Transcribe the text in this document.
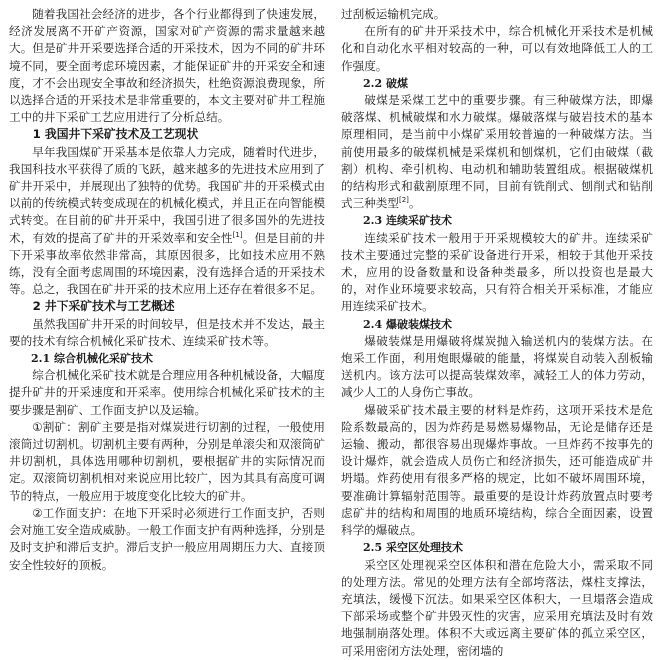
随着我国社会经济的进步，各个行业都得到了快速发展，经济发展离不开矿产资源，国家对矿产资源的需求量越来越大。但是矿井开采要选择合适的开采技术，因为不同的矿井环境不同，要全面考虑环境因素，才能保证矿井的开采安全和速度，才不会出现安全事故和经济损失，杜绝资源浪费现象，所以选择合适的开采技术是非常重要的，本文主要对矿井工程施工中的井下采矿工艺应用进行了分析总结。

1 我国井下采矿技术及工艺现状

早年我国煤矿开采基本是依靠人力完成，随着时代进步，我国科技水平获得了质的飞跃，越来越多的先进技术应用到了矿井开采中，并展现出了独特的优势。我国矿井的开采模式由以前的传统模式转变成现在的机械化模式，并且正在向智能模式转变。在目前的矿井开采中，我国引进了很多国外的先进技术，有效的提高了矿井的开采效率和安全性[1]。但是目前的井下开采事故率依然非常高，其原因很多，比如技术应用不熟练，没有全面考虑周围的环境因素，没有选择合适的开采技术等。总之，我国在矿井开采的技术应用上还存在着很多不足。

2 井下采矿技术与工艺概述

虽然我国矿井开采的时间较早，但是技术并不发达，最主要的技术有综合机械化采矿技术、连续采矿技术等。

2.1 综合机械化采矿技术

综合机械化采矿技术就是合理应用各种机械设备，大幅度提升矿井的开采速度和开采率。使用综合机械化采矿技术的主要步骤是割矿、工作面支护以及运输。

①割矿：割矿主要是指对煤炭进行切割的过程，一般使用滚筒过切割机。切割机主要有两种，分别是单滚尖和双滚筒矿井切割机，具体选用哪种切割机，要根据矿井的实际情况而定。双滚筒切割机相对来说应用比较广，因为其具有高度可调节的特点，一般应用于坡度变化比较大的矿井。

②工作面支护：在地下开采时必须进行工作面支护，否则会对施工安全造成威胁。一般工作面支护有两种选择，分别是及时支护和滞后支护。滞后支护一般应用周期压力大、直接顶安全性较好的顶板。

过刮板运输机完成。

在所有的矿井开采技术中，综合机械化开采技术是机械化和自动化水平相对较高的一种，可以有效地降低工人的工作强度。

2.2 破煤

破煤是采煤工艺中的重要步骤。有三种破煤方法，即爆破落煤、机械破煤和水力破煤。爆破落煤与破岩技术的基本原理相同，是当前中小煤矿采用较普遍的一种破煤方法。当前使用最多的破煤机械是采煤机和刨煤机，它们由破煤（截割）机构、牵引机构、电动机和辅助装置组成。根据破煤机的结构形式和截割原理不同，目前有铣削式、刨削式和钻削式三种类型[2]。

2.3 连续采矿技术

连续采矿技术一般用于开采规模较大的矿井。连续采矿技术主要通过完整的采矿设备进行开采，相较于其他开采技术，应用的设备数量和设备种类最多，所以投资也是最大的，对作业环境要求较高，只有符合相关开采标准，才能应用连续采矿技术。

2.4 爆破装煤技术

爆破装煤是用爆破将煤炭抛入输送机内的装煤方法。在炮采工作面，利用炮眼爆破的能量，将煤炭自动装入刮板输送机内。该方法可以提高装煤效率，减轻工人的体力劳动，减少人工的人身伤亡事故。

爆破采矿技术最主要的材料是炸药，这项开采技术是危险系数最高的，因为炸药是易燃易爆物品，无论是储存还是运输、搬动，都很容易出现爆炸事故。一旦炸药不按事先的设计爆炸，就会造成人员伤亡和经济损失，还可能造成矿井坍塌。炸药使用有很多严格的规定，比如不破坏周围环境，要准确计算辐射范围等。最重要的是设计炸药放置点时要考虑矿井的结构和周围的地质环境结构，综合全面因素，设置科学的爆破点。

2.5 采空区处理技术

采空区处理视采空区体积和潜在危险大小，需采取不同的处理方法。常见的处理方法有全部垮落法，煤柱支撑法，充填法，缓慢下沉法。如果采空区体积大，一旦塌落会造成下部采场或整个矿井毁灭性的灾害，应采用充填法及时有效地强制崩落处理。体积不大或远离主要矿体的孤立采空区，可采用密闭方法处理，密闭墙的
